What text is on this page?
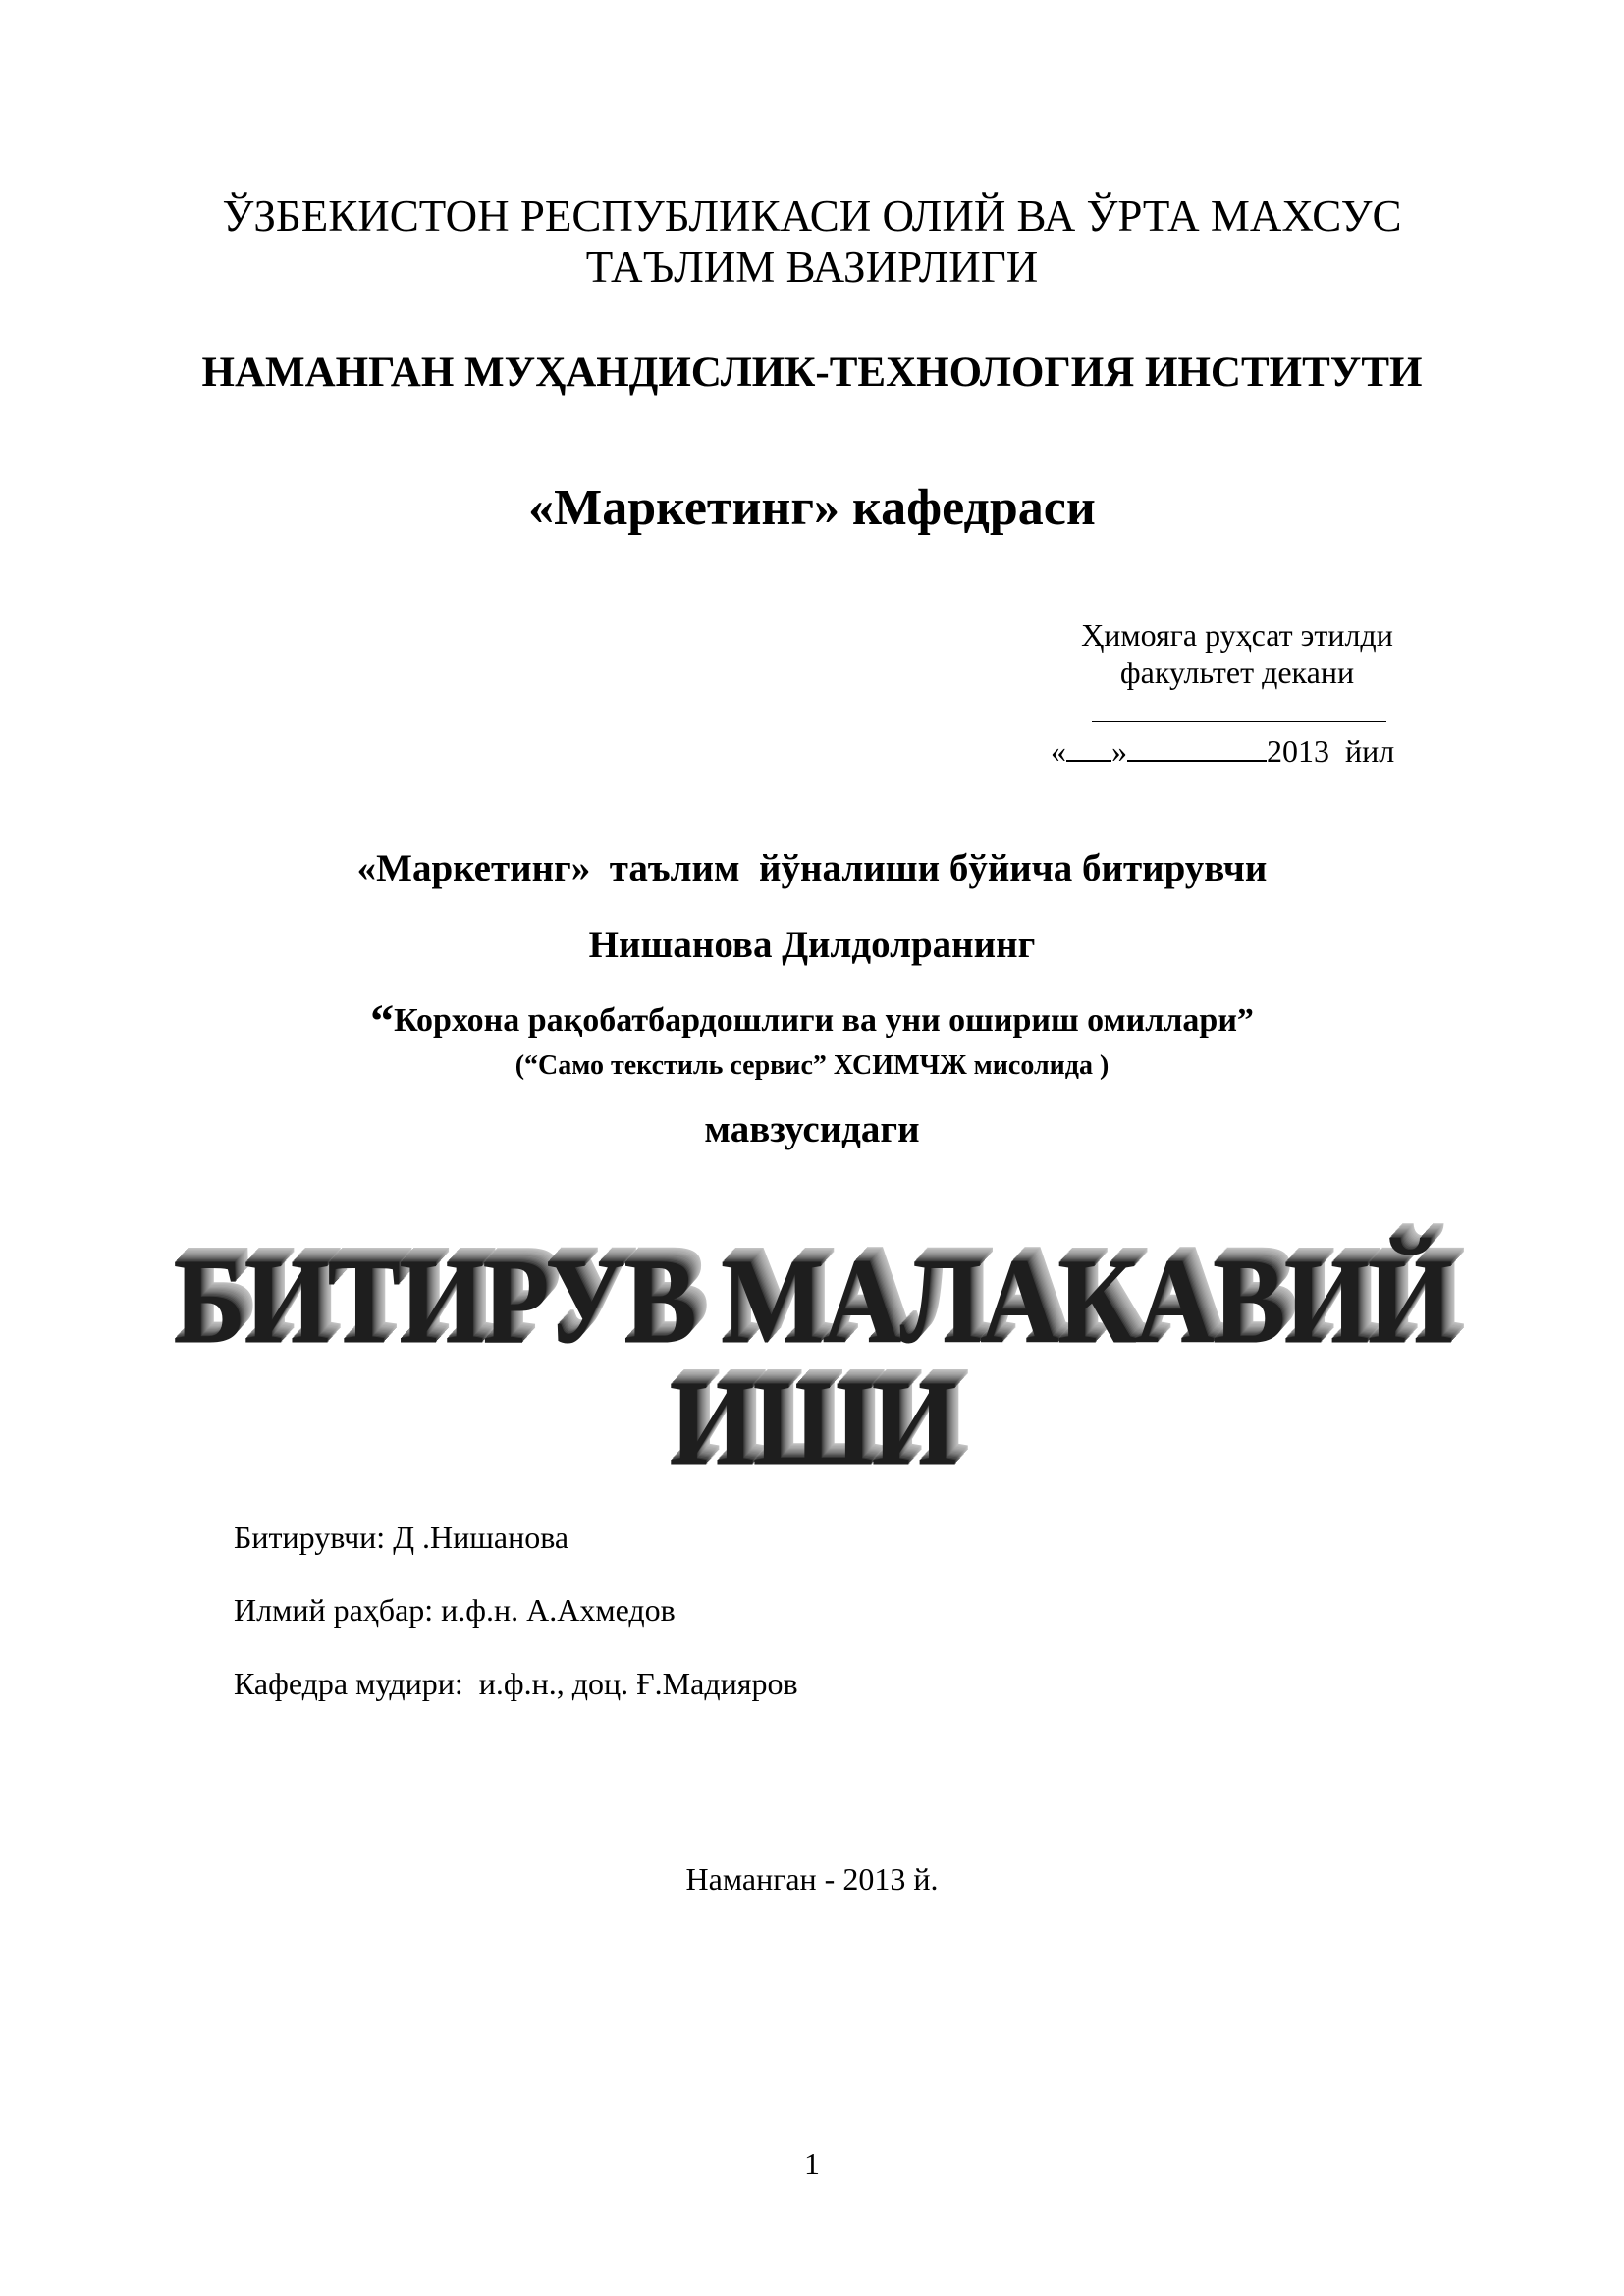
ЎЗБЕКИСТОН РЕСПУБЛИКАСИ ОЛИЙ ВА ЎРТА МАХСУС
ТАЪЛИМ ВАЗИРЛИГИ
НАМАНГАН МУҲАНДИСЛИК-ТЕХНОЛОГИЯ ИНСТИТУТИ
«Маркетинг» кафедраси
Ҳимояга руҳсат этилди
факультет декани
« »	2013 йил
«Маркетинг»  таълим  йўналиши бўйича битирувчи
Нишанова Дилдолранинг
“Корхона рақобатбардошлиги ва уни ошириш омиллари”
(“Само текстиль сервис” ХСИМЧЖ мисолида )
мавзусидаги
БИТИРУВ МАЛАКАВИЙ
ИШИ
Битирувчи: Д .Нишанова
Илмий раҳбар: и.ф.н. А.Ахмедов
Кафедра мудири:  и.ф.н., доц. Ғ.Мадияров
Наманган - 2013 й.
1
